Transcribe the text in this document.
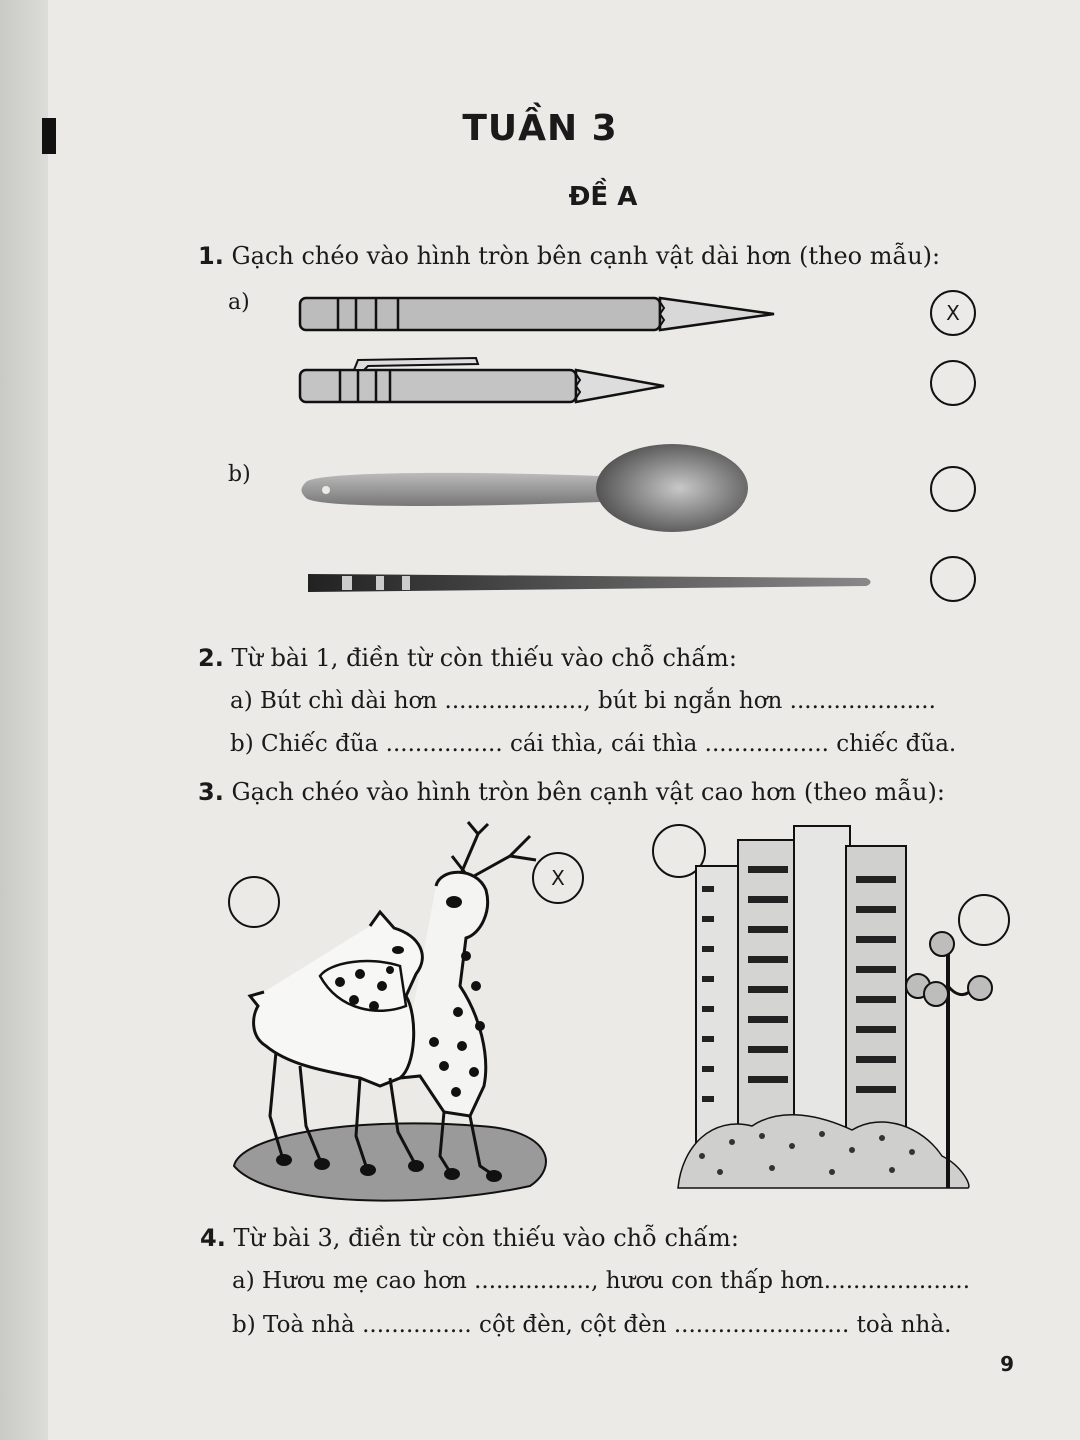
TUẦN 3
ĐỀ A
1. Gạch chéo vào hình tròn bên cạnh vật dài hơn (theo mẫu):
a)	X
b)
2. Từ bài 1, điền từ còn thiếu vào chỗ chấm:
a) Bút chì dài hơn ..................., bút bi ngắn hơn ....................
b) Chiếc đũa ................ cái thìa, cái thìa ................. chiếc đũa.
3. Gạch chéo vào hình tròn bên cạnh vật cao hơn (theo mẫu):
X
4. Từ bài 3, điền từ còn thiếu vào chỗ chấm:
a) Hươu mẹ cao hơn ................, hươu con thấp hơn....................
b) Toà nhà ............... cột đèn, cột đèn ........................ toà nhà.
9
